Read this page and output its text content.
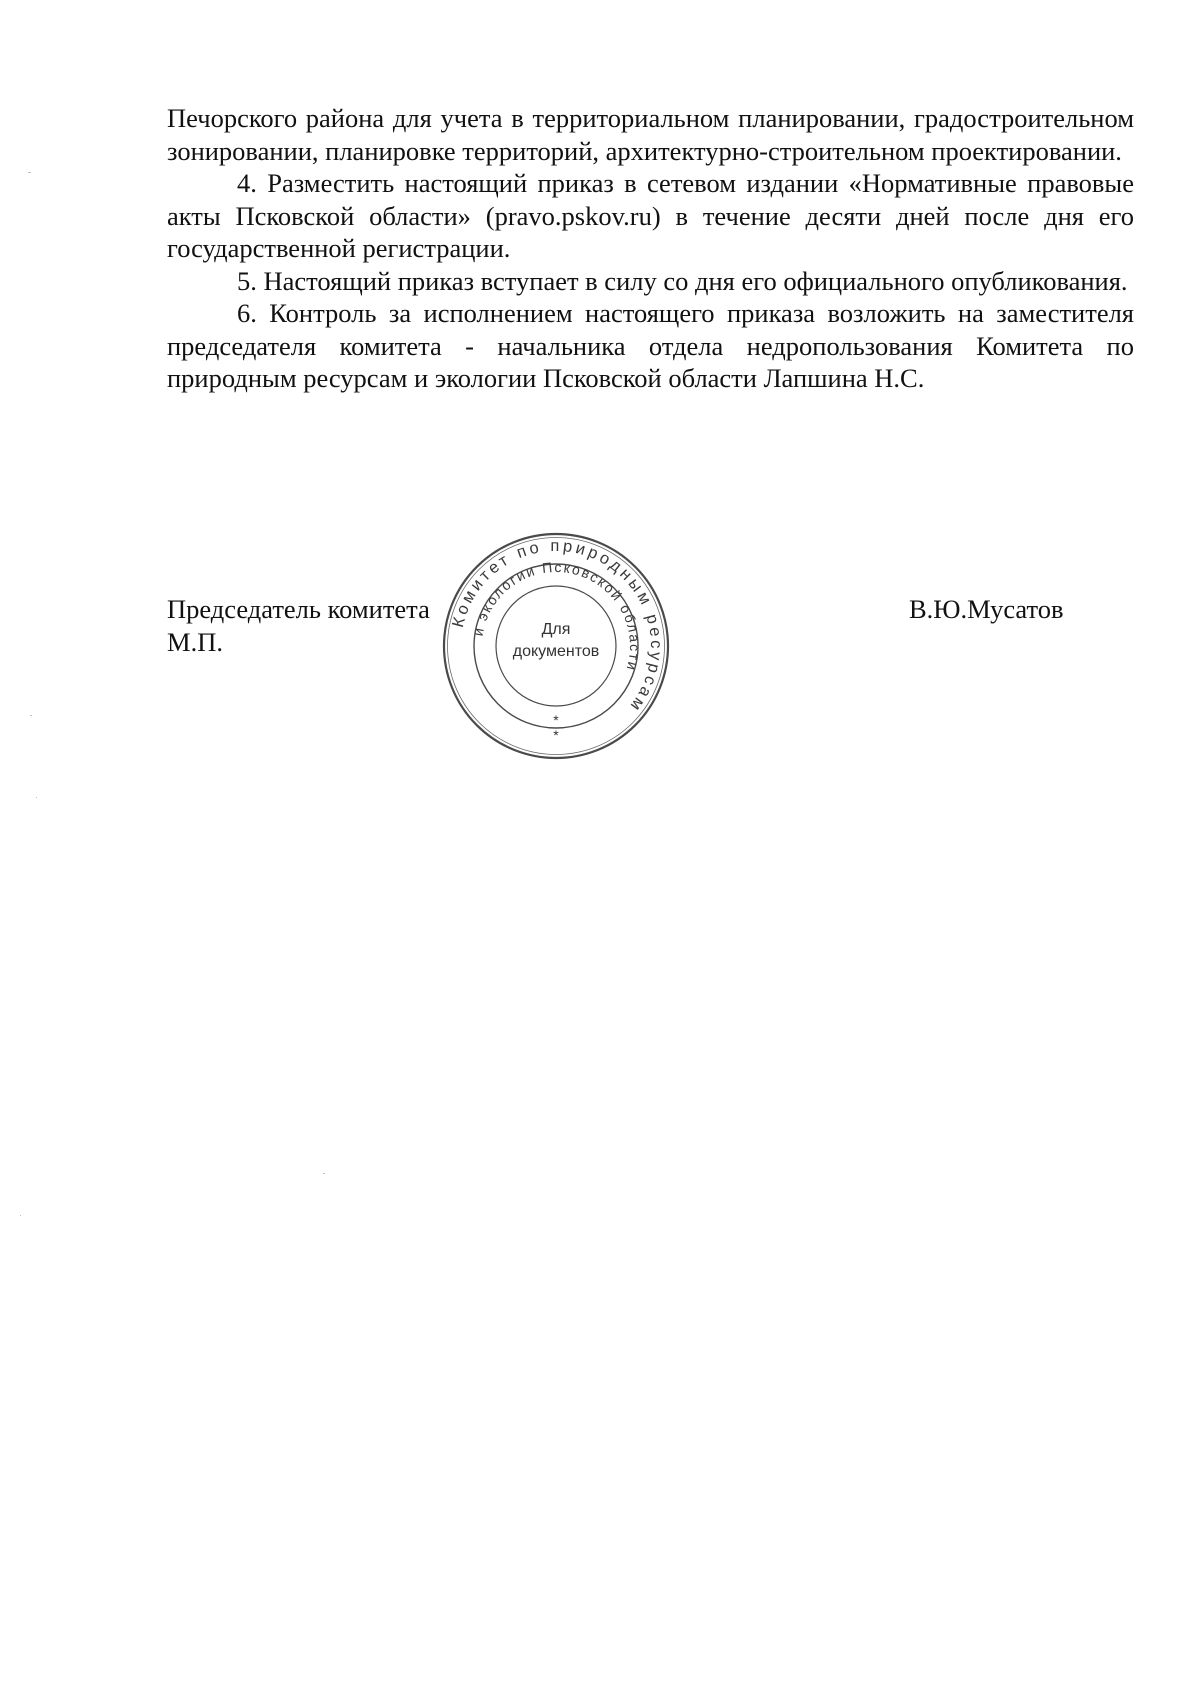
Печорского района для учета в территориальном планировании, градостроительном зонировании, планировке территорий, архитектурно-строительном проектировании.

4. Разместить настоящий приказ в сетевом издании «Нормативные правовые акты Псковской области» (pravo.pskov.ru) в течение десяти дней после дня его государственной регистрации.

5. Настоящий приказ вступает в силу со дня его официального опубликования.

6. Контроль за исполнением настоящего приказа возложить на заместителя председателя комитета - начальника отдела недропользования Комитета по природным ресурсам и экологии Псковской области Лапшина Н.С.

Председатель комитета
М.П.
В.Ю.Мусатов
Комитет по природным ресурсам
и экологии Псковской области
Для
документов
*
*
